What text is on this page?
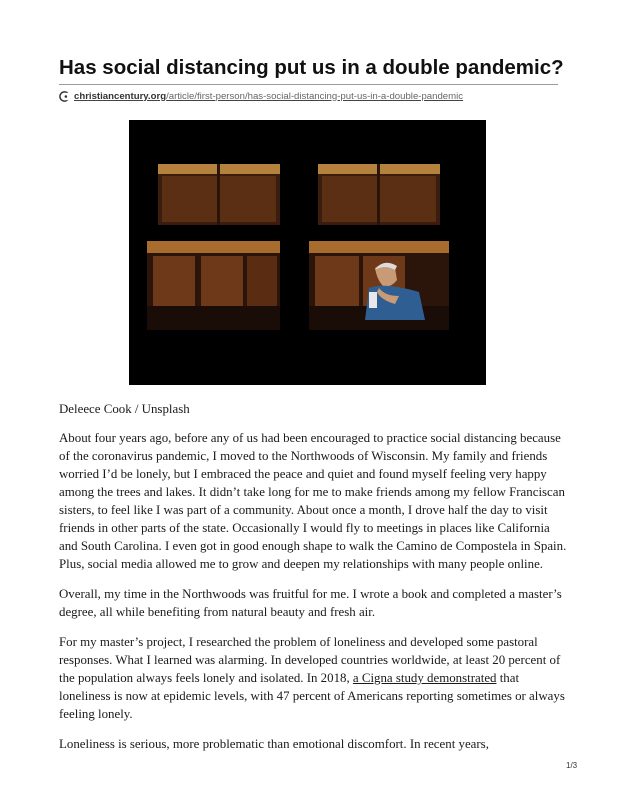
Has social distancing put us in a double pandemic?
christiancentury.org/article/first-person/has-social-distancing-put-us-in-a-double-pandemic

Deleece Cook / Unsplash

About four years ago, before any of us had been encouraged to practice social distancing because of the coronavirus pandemic, I moved to the Northwoods of Wisconsin. My family and friends worried I’d be lonely, but I embraced the peace and quiet and found myself feeling very happy among the trees and lakes. It didn’t take long for me to make friends among my fellow Franciscan sisters, to feel like I was part of a community. About once a month, I drove half the day to visit friends in other parts of the state. Occasionally I would fly to meetings in places like California and South Carolina. I even got in good enough shape to walk the Camino de Compostela in Spain. Plus, social media allowed me to grow and deepen my relationships with many people online.

Overall, my time in the Northwoods was fruitful for me. I wrote a book and completed a master’s degree, all while benefiting from natural beauty and fresh air.

For my master’s project, I researched the problem of loneliness and developed some pastoral responses. What I learned was alarming. In developed countries worldwide, at least 20 percent of the population always feels lonely and isolated. In 2018, a Cigna study demonstrated that loneliness is now at epidemic levels, with 47 percent of Americans reporting sometimes or always feeling lonely.

Loneliness is serious, more problematic than emotional discomfort. In recent years,

1/3
